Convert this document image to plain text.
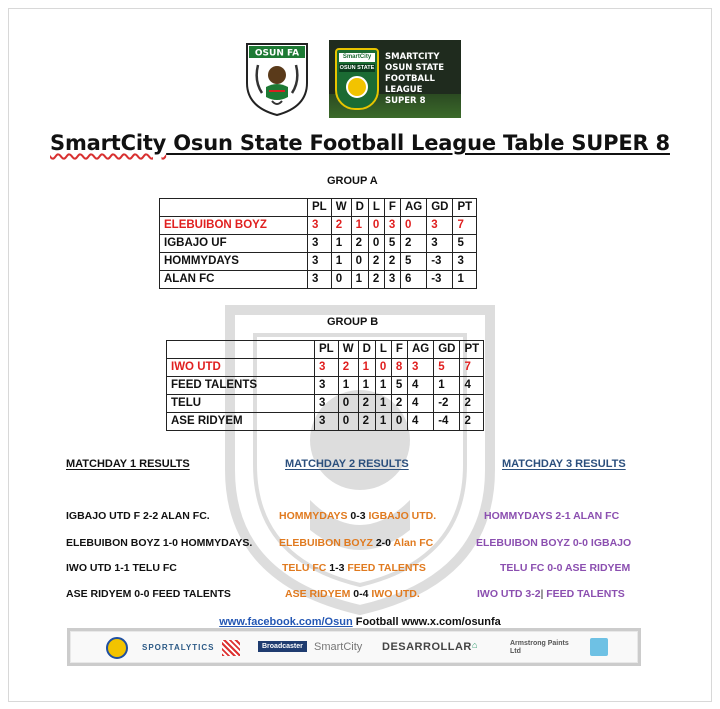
OSUN FA	SmartCity
OSUN STATE
SMARTCITY
OSUN STATE
FOOTBALL
LEAGUE
SUPER 8
SmartCity Osun State Football League Table SUPER 8
GROUP A
	PL	W	D	L	F	AG	GD	PT
ELEBUIBON BOYZ	3	2	1	0	3	0	3	7
IGBAJO UF	3	1	2	0	5	2	3	5
HOMMYDAYS	3	1	0	2	2	5	-3	3
ALAN FC	3	0	1	2	3	6	-3	1
GROUP B
	PL	W	D	L	F	AG	GD	PT
IWO UTD	3	2	1	0	8	3	5	7
FEED TALENTS	3	1	1	1	5	4	1	4
TELU	3	0	2	1	2	4	-2	2
ASE RIDYEM	3	0	2	1	0	4	-4	2
MATCHDAY 1 RESULTS	MATCHDAY 2 RESULTS	MATCHDAY 3 RESULTS
IGBAJO UTD F 2-2 ALAN FC.
ELEBUIBON BOYZ 1-0 HOMMYDAYS.
IWO UTD 1-1 TELU FC
ASE RIDYEM 0-0 FEED TALENTS
HOMMYDAYS 0-3 IGBAJO UTD.
ELEBUIBON BOYZ 2-0 Alan FC
TELU FC 1-3 FEED TALENTS
ASE RIDYEM 0-4 IWO UTD.
HOMMYDAYS 2-1 ALAN FC
ELEBUIBON BOYZ 0-0 IGBAJO
TELU FC 0-0 ASE RIDYEM
IWO UTD 3-2| FEED TALENTS
www.facebook.com/Osun Football www.x.com/osunfa
SPORTALYTICS	Broadcaster	SmartCity DESARROLLAR ⌂	Armstrong Paints Ltd
